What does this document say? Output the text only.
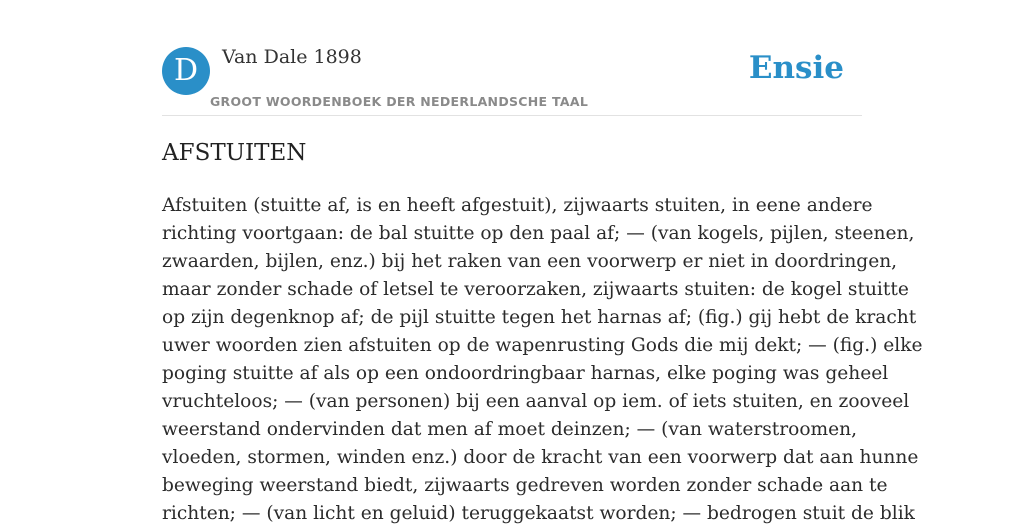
D	Van Dale 1898
GROOT WOORDENBOEK DER NEDERLANDSCHE TAAL
Ensie
AFSTUITEN

Afstuiten (stuitte af, is en heeft afgestuit), zijwaarts stuiten, in eene andere
richting voortgaan: de bal stuitte op den paal af; — (van kogels, pijlen, steenen,
zwaarden, bijlen, enz.) bij het raken van een voorwerp er niet in doordringen,
maar zonder schade of letsel te veroorzaken, zijwaarts stuiten: de kogel stuitte
op zijn degenknop af; de pijl stuitte tegen het harnas af; (fig.) gij hebt de kracht
uwer woorden zien afstuiten op de wapenrusting Gods die mij dekt; — (fig.) elke
poging stuitte af als op een ondoordringbaar harnas, elke poging was geheel
vruchteloos; — (van personen) bij een aanval op iem. of iets stuiten, en zooveel
weerstand ondervinden dat men af moet deinzen; — (van waterstroomen,
vloeden, stormen, winden enz.) door de kracht van een voorwerp dat aan hunne
beweging weerstand biedt, zijwaarts gedreven worden zonder schade aan te
richten; — (van licht en geluid) teruggekaatst worden; — bedrogen stuit de blik
